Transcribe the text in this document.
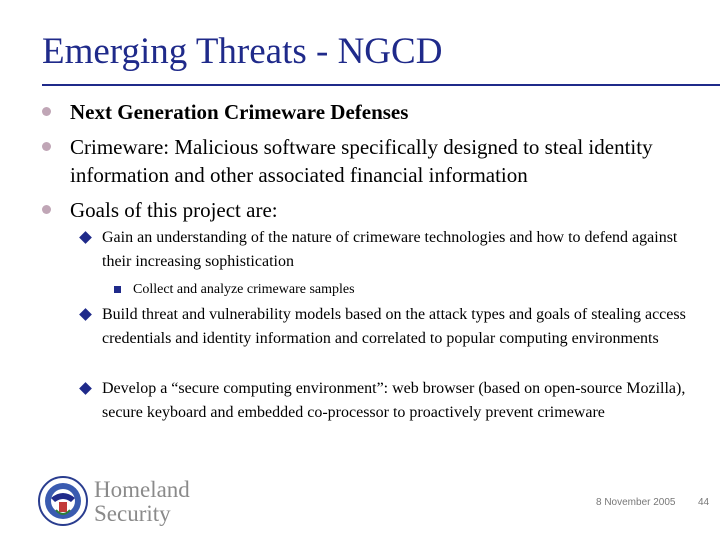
Emerging Threats - NGCD
Next Generation Crimeware Defenses
Crimeware: Malicious software specifically designed to steal identity information and other associated financial information
Goals of this project are:
Gain an understanding of the nature of crimeware technologies and how to defend against their increasing sophistication
Collect and analyze crimeware samples
Build threat and vulnerability models based on the attack types and goals of stealing access credentials and identity information and correlated to popular computing environments
Develop a “secure computing environment”: web browser (based on open-source Mozilla), secure keyboard and embedded co-processor to proactively prevent crimeware
Homeland
Security	8 November 2005 44
